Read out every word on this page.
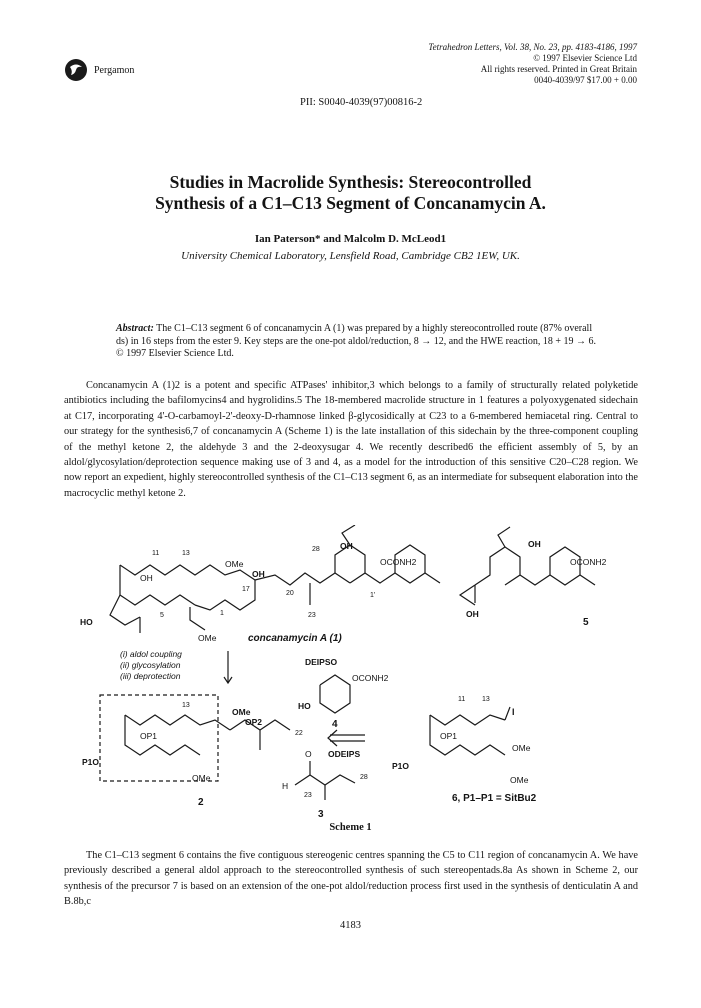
Tetrahedron Letters, Vol. 38, No. 23, pp. 4183-4186, 1997
© 1997 Elsevier Science Ltd
All rights reserved. Printed in Great Britain
0040-4039/97 $17.00 + 0.00
Pergamon
PII: S0040-4039(97)00816-2
Studies in Macrolide Synthesis: Stereocontrolled
Synthesis of a C1–C13 Segment of Concanamycin A.
Ian Paterson* and Malcolm D. McLeod1
University Chemical Laboratory, Lensfield Road, Cambridge CB2 1EW, UK.
Abstract: The C1–C13 segment 6 of concanamycin A (1) was prepared by a highly stereocontrolled route (87% overall ds) in 16 steps from the ester 9. Key steps are the one-pot aldol/reduction, 8 → 12, and the HWE reaction, 18 + 19 → 6. © 1997 Elsevier Science Ltd.

Concanamycin A (1)2 is a potent and specific ATPases' inhibitor,3 which belongs to a family of structurally related polyketide antibiotics including the bafilomycins4 and hygrolidins.5 The 18-membered macrolide structure in 1 features a polyoxygenated sidechain at C17, incorporating 4'-O-carbamoyl-2'-deoxy-D-rhamnose linked β-glycosidically at C23 to a 6-membered hemiacetal ring. Central to our strategy for the synthesis6,7 of concanamycin A (Scheme 1) is the late installation of this sidechain by the three-component coupling of the methyl ketone 2, the aldehyde 3 and the 2-deoxysugar 4. We recently described6 the efficient assembly of 5, by an aldol/glycosylation/deprotection sequence making use of 3 and 4, as a model for the introduction of this sensitive C20–C28 region. We now report an expedient, highly stereocontrolled synthesis of the C1–C13 segment 6, as an intermediate for subsequent elaboration into the macrocyclic methyl ketone 2.

11	13
OMe
OH
17
20
28 OH
OCONH2
23
1'
OH
HO
5	1
OMe	concanamycin A (1)
OH
OCONH2
OH
5
(i) aldol coupling
(ii) glycosylation
(iii) deprotection
DEIPSO
OCONH2
HO
4
13
OMe
OP2
OP1
P1O
22
OMe
2
O ODEIPS
H
23
28
3
11 13
I
OP1
P1O
OMe
OMe
6, P1–P1 = SitBu2
Scheme 1

The C1–C13 segment 6 contains the five contiguous stereogenic centres spanning the C5 to C11 region of concanamycin A. We have previously described a general aldol approach to the stereocontrolled synthesis of such stereopentads.8a As shown in Scheme 2, our synthesis of the precursor 7 is based on an extension of the one-pot aldol/reduction process first used in the synthesis of denticulatin A and B.8b,c

4183
